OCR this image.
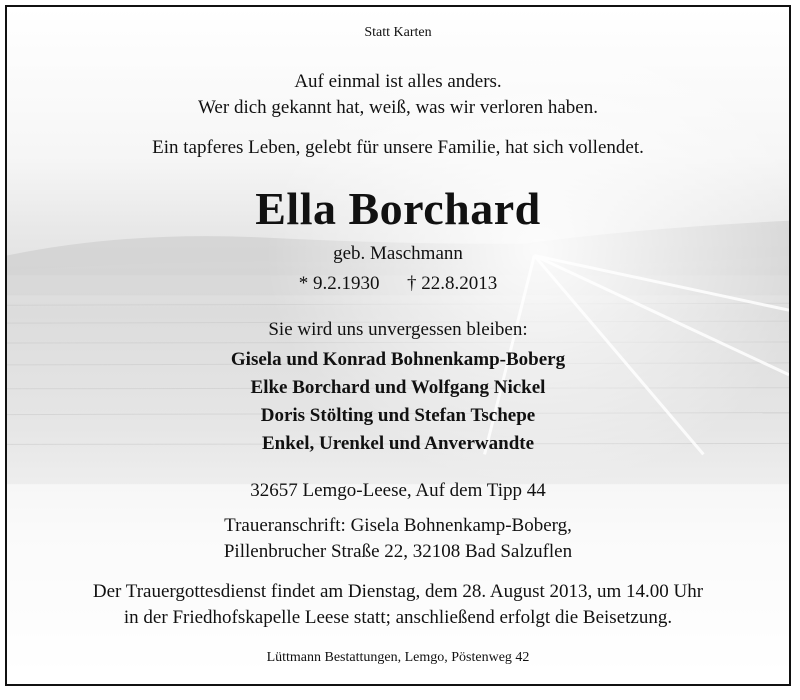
Statt Karten
Auf einmal ist alles anders.
Wer dich gekannt hat, weiß, was wir verloren haben.
Ein tapferes Leben, gelebt für unsere Familie, hat sich vollendet.
Ella Borchard
geb. Maschmann
* 9.2.1930 † 22.8.2013
Sie wird uns unvergessen bleiben:
Gisela und Konrad Bohnenkamp-Boberg
Elke Borchard und Wolfgang Nickel
Doris Stölting und Stefan Tschepe
Enkel, Urenkel und Anverwandte
32657 Lemgo-Leese, Auf dem Tipp 44
Traueranschrift: Gisela Bohnenkamp-Boberg,
Pillenbrucher Straße 22, 32108 Bad Salzuflen
Der Trauergottesdienst findet am Dienstag, dem 28. August 2013, um 14.00 Uhr
in der Friedhofskapelle Leese statt; anschließend erfolgt die Beisetzung.
Lüttmann Bestattungen, Lemgo, Pöstenweg 42
